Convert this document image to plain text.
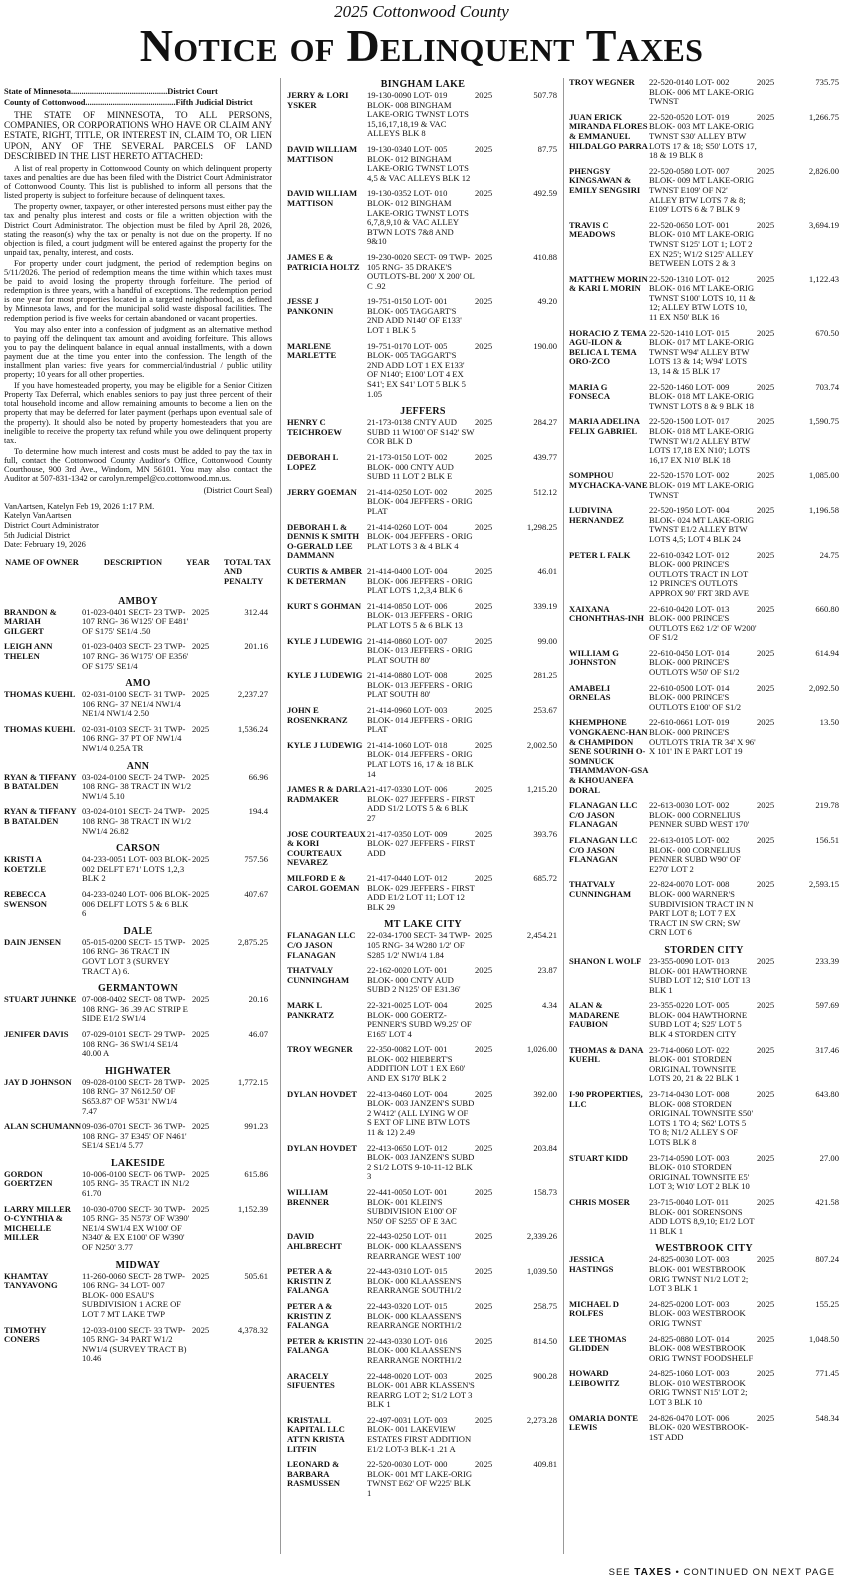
2025 Cottonwood County
Notice of Delinquent Taxes
State of Minnesota..............................................District Court
County of Cottonwood...........................................Fifth Judicial District

THE STATE OF MINNESOTA, TO ALL PERSONS, COMPANIES, OR CORPORATIONS WHO HAVE OR CLAIM ANY ESTATE, RIGHT, TITLE, OR INTEREST IN, CLAIM TO, OR LIEN UPON, ANY OF THE SEVERAL PARCELS OF LAND DESCRIBED IN THE LIST HERETO ATTACHED:

A list of real property in Cottonwood County on which delinquent property taxes and penalties are due has been filed with the District Court Administrator of Cottonwood County. This list is published to inform all persons that the listed property is subject to forfeiture because of delinquent taxes.

The property owner, taxpayer, or other interested persons must either pay the tax and penalty plus interest and costs or file a written objection with the District Court Administrator. The objection must be filed by April 28, 2026, stating the reason(s) why the tax or penalty is not due on the property. If no objection is filed, a court judgment will be entered against the property for the unpaid tax, penalty, interest, and costs.

For property under court judgment, the period of redemption begins on 5/11/2026. The period of redemption means the time within which taxes must be paid to avoid losing the property through forfeiture. The period of redemption is three years, with a handful of exceptions. The redemption period is one year for most properties located in a targeted neighborhood, as defined by Minnesota laws, and for the municipal solid waste disposal facilities. The redemption period is five weeks for certain abandoned or vacant properties.

You may also enter into a confession of judgment as an alternative method to paying off the delinquent tax amount and avoiding forfeiture. This allows you to pay the delinquent balance in equal annual installments, with a down payment due at the time you enter into the confession. The length of the installment plan varies: five years for commercial/industrial / public utility property; 10 years for all other properties.

If you have homesteaded property, you may be eligible for a Senior Citizen Property Tax Deferral, which enables seniors to pay just three percent of their total household income and allow remaining amounts to become a lien on the property that may be deferred for later payment (perhaps upon eventual sale of the property). It should also be noted by property homesteaders that you are ineligible to receive the property tax refund while you owe delinquent property tax.

To determine how much interest and costs must be added to pay the tax in full, contact the Cottonwood County Auditor's Office, Cottonwood County Courthouse, 900 3rd Ave., Windom, MN 56101. You may also contact the Auditor at 507-831-1342 or carolyn.rempel@co.cottonwood.mn.us.

(District Court Seal)
VanAartsen, Katelyn Feb 19, 2026 1:17 P.M.
Katelyn VanAartsen
District Court Administrator
5th Judicial District
Date: February 19, 2026
NAME OF OWNER	DESCRIPTION	YEAR	TOTAL TAX AND PENALTY
AMBOY
BRANDON & MARIAH GILGERT
01-023-0401 SECT- 23 TWP- 107 RNG- 36 W125' OF E481' OF S175' SE1/4 .50
2025	312.44
LEIGH ANN THELEN
01-023-0403 SECT- 23 TWP- 107 RNG- 36 W175' OF E356' OF S175' SE1/4
2025	201.16
AMO
THOMAS KUEHL 02-031-0100 SECT- 31 TWP- 106 RNG- 37 NE1/4 NW1/4 NE1/4 NW1/4 2.50
2025	2,237.27
THOMAS KUEHL 02-031-0103 SECT- 31 TWP- 106 RNG- 37 PT OF NW1/4 NW1/4 0.25A TR
2025	1,536.24
ANN
RYAN & TIFFANY B BATALDEN
03-024-0100 SECT- 24 TWP- 108 RNG- 38 TRACT IN W1/2 NW1/4 5.10
2025	66.96
RYAN & TIFFANY B BATALDEN
03-024-0101 SECT- 24 TWP- 108 RNG- 38 TRACT IN W1/2 NW1/4 26.82
2025	194.4
CARSON
KRISTI A KOETZLE
04-233-0051 LOT- 003 BLOK- 002 DELFT E71' LOTS 1,2,3 BLK 2
2025	757.56
REBECCA SWENSON
04-233-0240 LOT- 006 BLOK- 006 DELFT LOTS 5 & 6 BLK 6
2025	407.67
DALE
DAIN JENSEN	05-015-0200 SECT- 15 TWP- 106 RNG- 36 TRACT IN GOVT LOT 3 (SURVEY TRACT A) 6.
2025	2,875.25
GERMANTOWN
STUART JUHNKE 07-008-0402 SECT- 08 TWP- 108 RNG- 36 .39 AC STRIP E SIDE E1/2 SW1/4
2025	20.16
JENIFER DAVIS	07-029-0101 SECT- 29 TWP- 108 RNG- 36 SW1/4 SE1/4 40.00 A
2025	46.07
HIGHWATER
JAY D JOHNSON	09-028-0100 SECT- 28 TWP- 108 RNG- 37 N612.50' OF S653.87' OF W531' NW1/4 7.47
2025	1,772.15
ALAN SCHUMANN 09-036-0701 SECT- 36 TWP- 108 RNG- 37 E345' OF N461' SE1/4 SE1/4 5.77
2025	991.23
LAKESIDE
GORDON GOERTZEN
10-006-0100 SECT- 06 TWP- 105 RNG- 35 TRACT IN N1/2 61.70
2025	615.86
LARRY MILLER O-CYNTHIA & MICHELLE MILLER
10-030-0700 SECT- 30 TWP- 105 RNG- 35 N573' OF W390' NE1/4 SW1/4 EX W100' OF N340' & EX E100' OF W390' OF N250' 3.77
2025	1,152.39
MIDWAY
KHAMTAY TANYAVONG
11-260-0060 SECT- 28 TWP- 106 RNG- 34 LOT- 007 BLOK- 000 ESAU'S SUBDIVISION 1 ACRE OF LOT 7 MT LAKE TWP
2025	505.61
TIMOTHY CONERS
12-033-0100 SECT- 33 TWP- 105 RNG- 34 PART W1/2 NW1/4 (SURVEY TRACT B) 10.46
2025	4,378.32
BINGHAM LAKE
JERRY & LORI YSKER
19-130-0090 LOT- 019 BLOK- 008 BINGHAM LAKE-ORIG TWNST LOTS 15,16,17,18,19 & VAC ALLEYS BLK 8
2025	507.78
DAVID WILLIAM MATTISON
19-130-0340 LOT- 005 BLOK- 012 BINGHAM LAKE-ORIG TWNST LOTS 4,5 & VAC ALLEYS BLK 12
2025	87.75
DAVID WILLIAM MATTISON
19-130-0352 LOT- 010 BLOK- 012 BINGHAM LAKE-ORIG TWNST LOTS 6,7,8,9,10 & VAC ALLEY BTWN LOTS 7&8 AND 9&10
2025	492.59
JAMES E & PATRICIA HOLTZ
19-230-0020 SECT- 09 TWP- 105 RNG- 35 DRAKE'S OUTLOTS-BL 200' X 200' OL C .92
2025	410.88
JESSE J PANKONIN
19-751-0150 LOT- 001 BLOK- 005 TAGGART'S 2ND ADD N140' OF E133' LOT 1 BLK 5
2025	49.20
MARLENE MARLETTE
19-751-0170 LOT- 005 BLOK- 005 TAGGART'S 2ND ADD LOT 1 EX E133' OF N140'; E100' LOT 4 EX S41'; EX S41' LOT 5 BLK 5 1.05
2025	190.00
JEFFERS
HENRY C TEICHROEW
21-173-0138 CNTY AUD SUBD 11 W100' OF S142' SW COR BLK D
2025	284.27
DEBORAH L LOPEZ
21-173-0150 LOT- 002 BLOK- 000 CNTY AUD SUBD 11 LOT 2 BLK E
2025	439.77
JERRY GOEMAN	21-414-0250 LOT- 002 BLOK- 004 JEFFERS - ORIG PLAT
2025	512.12
DEBORAH L & DENNIS K SMITH O-GERALD LEE DAMMANN
21-414-0260 LOT- 004 BLOK- 004 JEFFERS - ORIG PLAT LOTS 3 & 4 BLK 4
2025	1,298.25
CURTIS & AMBER K DETERMAN
21-414-0400 LOT- 004 BLOK- 006 JEFFERS - ORIG PLAT LOTS 1,2,3,4 BLK 6
2025	46.01
KURT S GOHMAN 21-414-0850 LOT- 006 BLOK- 013 JEFFERS - ORIG PLAT LOTS 5 & 6 BLK 13
2025	339.19
KYLE J LUDEWIG 21-414-0860 LOT- 007 BLOK- 013 JEFFERS - ORIG PLAT SOUTH 80'
2025	99.00
KYLE J LUDEWIG 21-414-0880 LOT- 008 BLOK- 013 JEFFERS - ORIG PLAT SOUTH 80'
2025	281.25
JOHN E ROSENKRANZ
21-414-0960 LOT- 003 BLOK- 014 JEFFERS - ORIG PLAT
2025	253.67
KYLE J LUDEWIG 21-414-1060 LOT- 018 BLOK- 014 JEFFERS - ORIG PLAT LOTS 16, 17 & 18 BLK 14
2025	2,002.50
JAMES R & DARLA RADMAKER
21-417-0330 LOT- 006 BLOK- 027 JEFFERS - FIRST ADD S1/2 LOTS 5 & 6 BLK 27
2025	1,215.20
JOSE COURTEAUX & KORI COURTEAUX NEVAREZ
21-417-0350 LOT- 009 BLOK- 027 JEFFERS - FIRST ADD
2025	393.76
MILFORD E & CAROL GOEMAN
21-417-0440 LOT- 012 BLOK- 029 JEFFERS - FIRST ADD E1/2 LOT 11; LOT 12 BLK 29
2025	685.72
MT LAKE CITY
FLANAGAN LLC C/O JASON FLANAGAN
22-034-1700 SECT- 34 TWP- 105 RNG- 34 W280 1/2' OF S285 1/2' NW1/4 1.84
2025	2,454.21
THATVALY CUNNINGHAM
22-162-0020 LOT- 001 BLOK- 000 CNTY AUD SUBD 2 N125' OF E31.36'
2025	23.87
MARK L PANKRATZ
22-321-0025 LOT- 004 BLOK- 000 GOERTZ-PENNER'S SUBD W9.25' OF E165' LOT 4
2025	4.34
TROY WEGNER	22-350-0082 LOT- 001 BLOK- 002 HIEBERT'S ADDITION LOT 1 EX E60' AND EX S170' BLK 2
2025	1,026.00
DYLAN HOVDET	22-413-0460 LOT- 004 BLOK- 003 JANZEN'S SUBD 2 W412' (ALL LYING W OF S EXT OF LINE BTW LOTS 11 & 12) 2.49
2025	392.00
DYLAN HOVDET	22-413-0650 LOT- 012 BLOK- 003 JANZEN'S SUBD 2 S1/2 LOTS 9-10-11-12 BLK 3
2025	203.84
WILLIAM BRENNER
22-441-0050 LOT- 001 BLOK- 001 KLEIN'S SUBDIVISION E100' OF N50' OF S255' OF E 3AC
2025	158.73
DAVID AHLBRECHT
22-443-0250 LOT- 011 BLOK- 000 KLAASSEN'S REARRANGE WEST 100'
2025	2,339.26
PETER A & KRISTIN Z FALANGA
22-443-0310 LOT- 015 BLOK- 000 KLAASSEN'S REARRANGE SOUTH1/2
2025	1,039.50
PETER A & KRISTIN Z FALANGA
22-443-0320 LOT- 015 BLOK- 000 KLAASSEN'S REARRANGE NORTH1/2
2025	258.75
PETER & KRISTIN FALANGA
22-443-0330 LOT- 016 BLOK- 000 KLAASSEN'S REARRANGE NORTH1/2
2025	814.50
ARACELY SIFUENTES
22-448-0020 LOT- 003 BLOK- 001 ABR KLASSEN'S REARRG LOT 2; S1/2 LOT 3 BLK 1
2025	900.28
KRISTALL KAPITAL LLC ATTN KRISTA LITFIN
22-497-0031 LOT- 003 BLOK- 001 LAKEVIEW ESTATES FIRST ADDITION E1/2 LOT-3 BLK-1 .21 A
2025	2,273.28
LEONARD & BARBARA RASMUSSEN
22-520-0030 LOT- 000 BLOK- 001 MT LAKE-ORIG TWNST E62' OF W225' BLK 1
2025	409.81
TROY WEGNER	22-520-0140 LOT- 002 BLOK- 006 MT LAKE-ORIG TWNST
2025	735.75
JUAN ERICK MIRANDA FLORES & EMMANUEL HILDALGO PARRA
22-520-0520 LOT- 019 BLOK- 003 MT LAKE-ORIG TWNST S30' ALLEY BTW LOTS 17 & 18; S50' LOTS 17, 18 & 19 BLK 8
2025	1,266.75
PHENGSY KINGSAWAN & EMILY SENGSIRI
22-520-0580 LOT- 007 BLOK- 009 MT LAKE-ORIG TWNST E109' OF N2' ALLEY BTW LOTS 7 & 8; E109' LOTS 6 & 7 BLK 9
2025	2,826.00
TRAVIS C MEADOWS
22-520-0650 LOT- 001 BLOK- 010 MT LAKE-ORIG TWNST S125' LOT 1; LOT 2 EX N25'; W1/2 S125' ALLEY BETWEEN LOTS 2 & 3
2025	3,694.19
MATTHEW MORIN & KARI L MORIN
22-520-1310 LOT- 012 BLOK- 016 MT LAKE-ORIG TWNST S100' LOTS 10, 11 & 12; ALLEY BTW LOTS 10, 11 EX N50' BLK 16
2025	1,122.43
HORACIO Z TEMA AGU-ILON & BELICA L TEMA ORO-ZCO
22-520-1410 LOT- 015 BLOK- 017 MT LAKE-ORIG TWNST W94' ALLEY BTW LOTS 13 & 14; W94' LOTS 13, 14 & 15 BLK 17
2025	670.50
MARIA G FONSECA
22-520-1460 LOT- 009 BLOK- 018 MT LAKE-ORIG TWNST LOTS 8 & 9 BLK 18
2025	703.74
MARIA ADELINA FELIX GABRIEL
22-520-1500 LOT- 017 BLOK- 018 MT LAKE-ORIG TWNST W1/2 ALLEY BTW LOTS 17,18 EX N10'; LOTS 16,17 EX N10' BLK 18
2025	1,590.75
SOMPHOU MYCHACKA-VANE
22-520-1570 LOT- 002 BLOK- 019 MT LAKE-ORIG TWNST
2025	1,085.00
LUDIVINA HERNANDEZ
22-520-1950 LOT- 004 BLOK- 024 MT LAKE-ORIG TWNST E1/2 ALLEY BTW LOTS 4,5; LOT 4 BLK 24
2025	1,196.58
PETER L FALK	22-610-0342 LOT- 012 BLOK- 000 PRINCE'S OUTLOTS TRACT IN LOT 12 PRINCE'S OUTLOTS APPROX 90' FRT 3RD AVE
2025	24.75
XAIXANA CHONHTHAS-INH
22-610-0420 LOT- 013 BLOK- 000 PRINCE'S OUTLOTS E62 1/2' OF W200' OF S1/2
2025	660.80
WILLIAM G JOHNSTON
22-610-0450 LOT- 014 BLOK- 000 PRINCE'S OUTLOTS W50' OF S1/2
2025	614.94
AMABELI ORNELAS
22-610-0500 LOT- 014 BLOK- 000 PRINCE'S OUTLOTS E100' OF S1/2
2025	2,092.50
KHEMPHONE VONGKAENC-HAN & CHAMPIDON SENE SOURINH O-SOMNUCK THAMMAVON-GSA & KHOUANEFA DORAL
22-610-0661 LOT- 019 BLOK- 000 PRINCE'S OUTLOTS TRIA TR 34' X 96' X 101' IN E PART LOT 19
2025	13.50
FLANAGAN LLC C/O JASON FLANAGAN
22-613-0030 LOT- 002 BLOK- 000 CORNELIUS PENNER SUBD WEST 170'
2025	219.78
FLANAGAN LLC C/O JASON FLANAGAN
22-613-0105 LOT- 002 BLOK- 000 CORNELIUS PENNER SUBD W90' OF E270' LOT 2
2025	156.51
THATVALY CUNNINGHAM
22-824-0070 LOT- 008 BLOK- 000 WARNER'S SUBDIVISION TRACT IN N PART LOT 8; LOT 7 EX TRACT IN SW CRN; SW CRN LOT 6
2025	2,593.15
STORDEN CITY
SHANON L WOLF 23-355-0090 LOT- 013 BLOK- 001 HAWTHORNE SUBD LOT 12; S10' LOT 13 BLK 1
2025	233.39
ALAN & MADARENE FAUBION
23-355-0220 LOT- 005 BLOK- 004 HAWTHORNE SUBD LOT 4; S25' LOT 5 BLK 4 STORDEN CITY
2025	597.69
THOMAS & DANA KUEHL
23-714-0060 LOT- 022 BLOK- 001 STORDEN ORIGINAL TOWNSITE LOTS 20, 21 & 22 BLK 1
2025	317.46
I-90 PROPERTIES, LLC
23-714-0430 LOT- 008 BLOK- 008 STORDEN ORIGINAL TOWNSITE S50' LOTS 1 TO 4; S62' LOTS 5 TO 8; N1/2 ALLEY S OF LOTS BLK 8
2025	643.80
STUART KIDD	23-714-0590 LOT- 003 BLOK- 010 STORDEN ORIGINAL TOWNSITE E5' LOT 3; W10' LOT 2 BLK 10
2025	27.00
CHRIS MOSER	23-715-0040 LOT- 011 BLOK- 001 SORENSONS ADD LOTS 8,9,10; E1/2 LOT 11 BLK 1
2025	421.58
WESTBROOK CITY
JESSICA HASTINGS
24-825-0030 LOT- 003 BLOK- 001 WESTBROOK ORIG TWNST N1/2 LOT 2; LOT 3 BLK 1
2025	807.24
MICHAEL D ROLFES
24-825-0200 LOT- 003 BLOK- 003 WESTBROOK ORIG TWNST
2025	155.25
LEE THOMAS GLIDDEN
24-825-0880 LOT- 014 BLOK- 008 WESTBROOK ORIG TWNST FOODSHELF
2025	1,048.50
HOWARD LEIBOWITZ
24-825-1060 LOT- 003 BLOK- 010 WESTBROOK ORIG TWNST N15' LOT 2; LOT 3 BLK 10
2025	771.45
OMARIA DONTE LEWIS
24-826-0470 LOT- 006 BLOK- 020 WESTBROOK-1ST ADD
2025	548.34
SEE TAXES • CONTINUED ON NEXT PAGE
